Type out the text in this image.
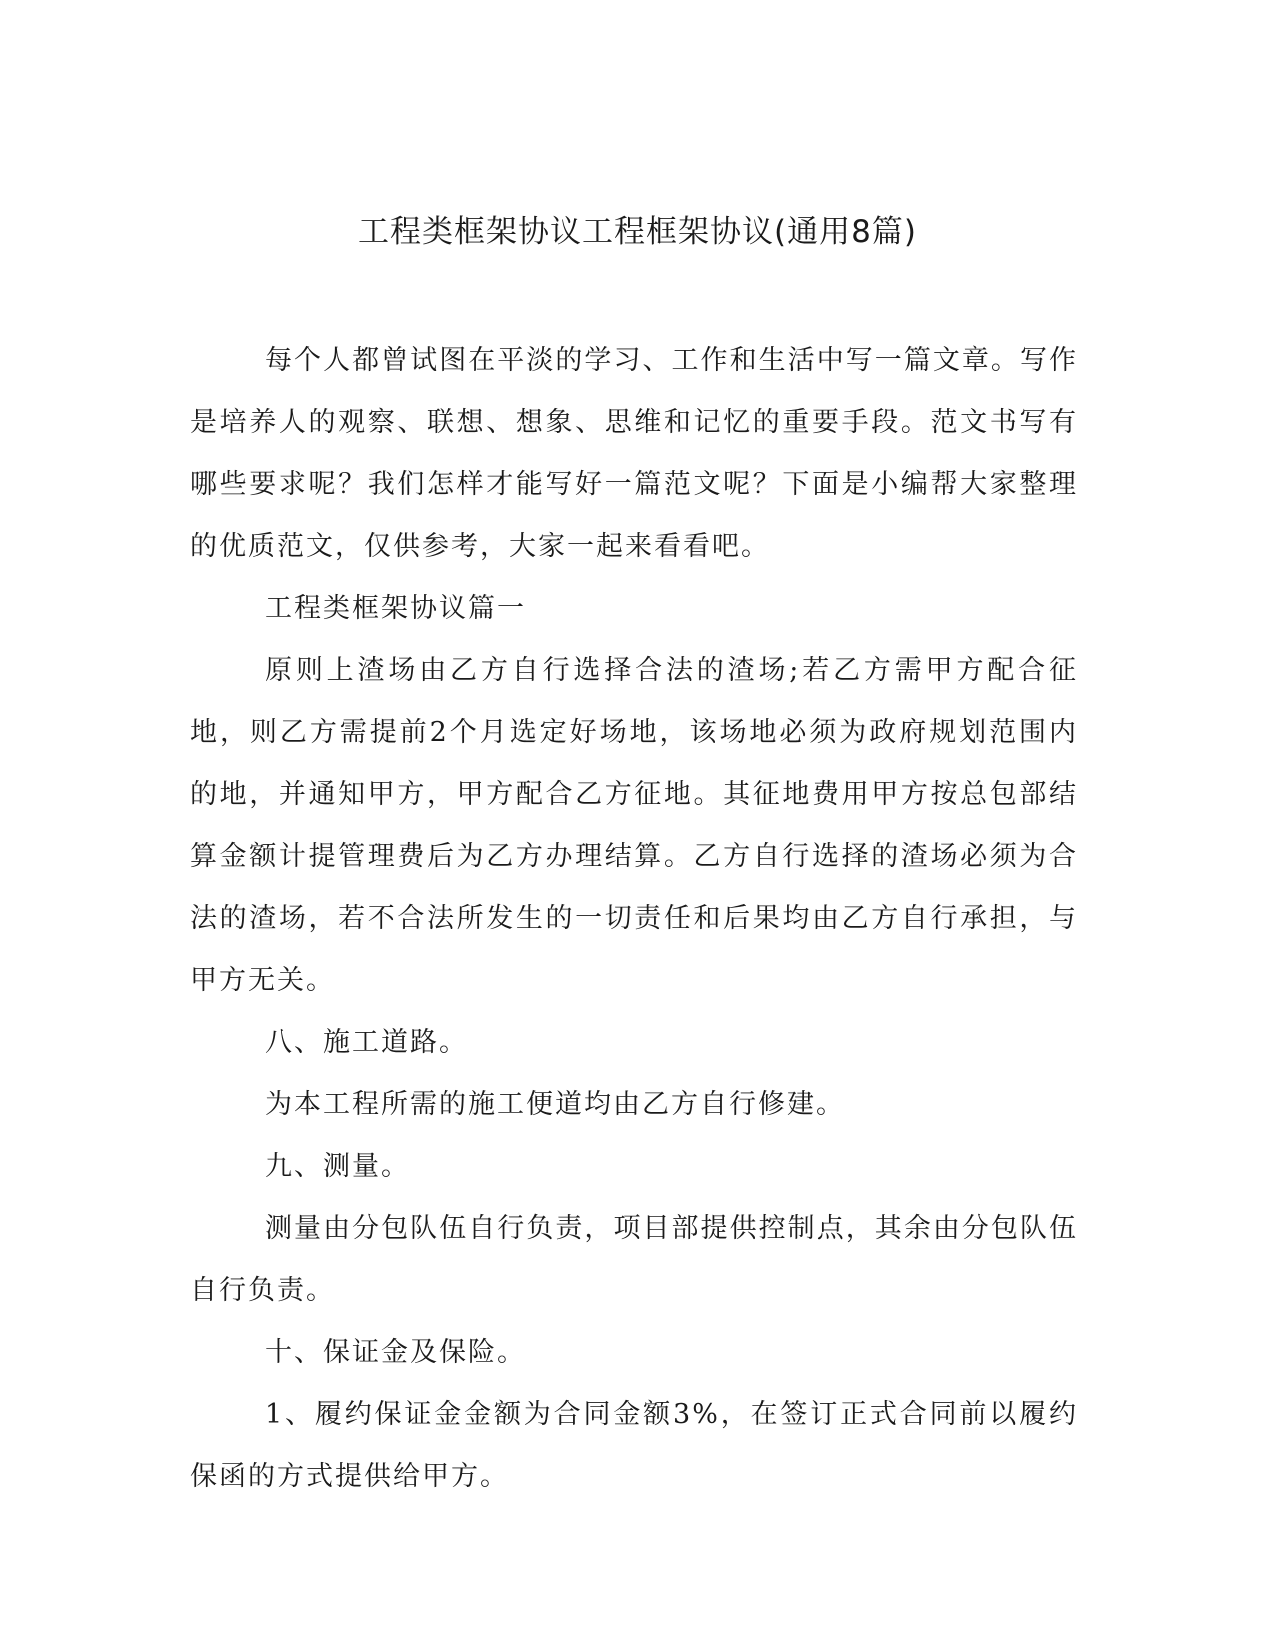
工程类框架协议工程框架协议(通用8篇)

每个人都曾试图在平淡的学习、工作和生活中写一篇文章。写作是培养人的观察、联想、想象、思维和记忆的重要手段。范文书写有哪些要求呢？我们怎样才能写好一篇范文呢？下面是小编帮大家整理的优质范文，仅供参考，大家一起来看看吧。

工程类框架协议篇一

原则上渣场由乙方自行选择合法的渣场;若乙方需甲方配合征地，则乙方需提前2个月选定好场地，该场地必须为政府规划范围内的地，并通知甲方，甲方配合乙方征地。其征地费用甲方按总包部结算金额计提管理费后为乙方办理结算。乙方自行选择的渣场必须为合法的渣场，若不合法所发生的一切责任和后果均由乙方自行承担，与甲方无关。

八、施工道路。

为本工程所需的施工便道均由乙方自行修建。

九、测量。

测量由分包队伍自行负责，项目部提供控制点，其余由分包队伍自行负责。

十、保证金及保险。

1、履约保证金金额为合同金额3%，在签订正式合同前以履约保函的方式提供给甲方。
